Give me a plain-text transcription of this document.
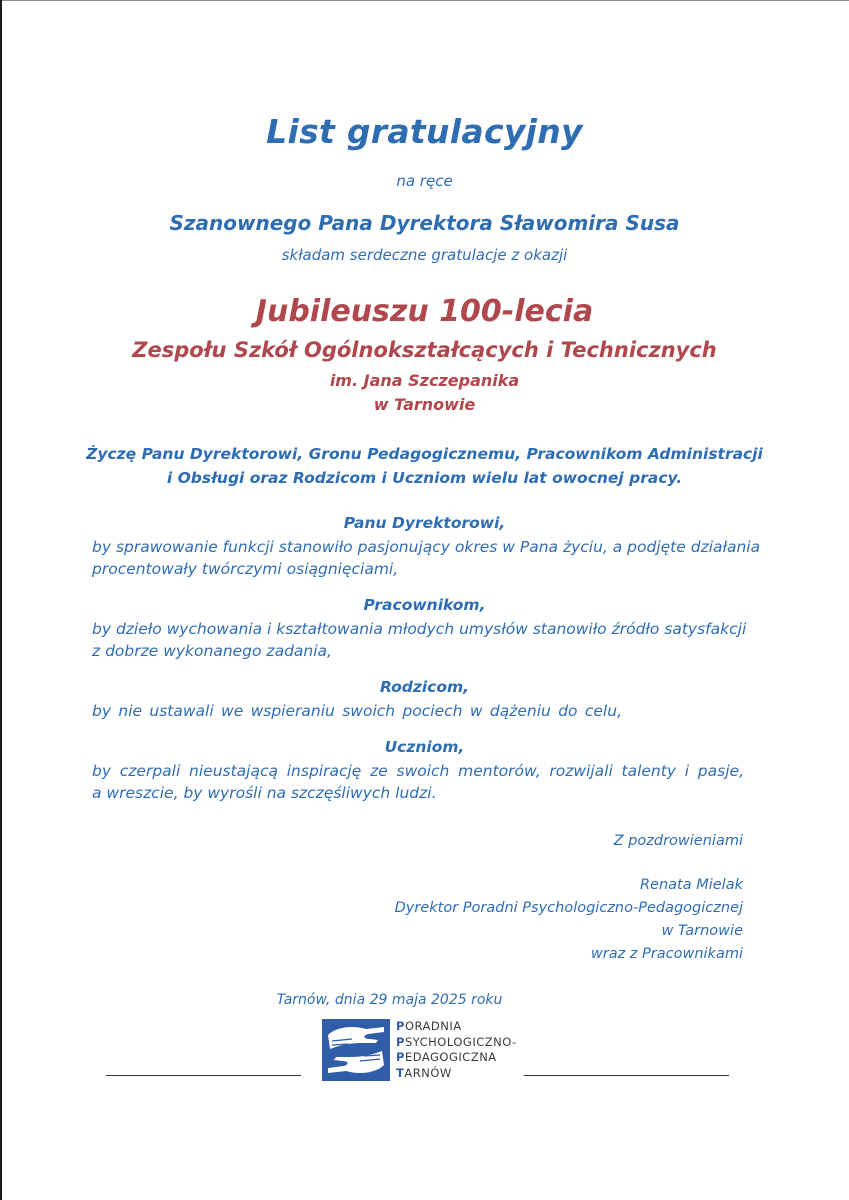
List gratulacyjny
na ręce
Szanownego Pana Dyrektora Sławomira Susa
składam serdeczne gratulacje z okazji
Jubileuszu 100-lecia
Zespołu Szkół Ogólnokształcących i Technicznych
im. Jana Szczepanika
w Tarnowie
Życzę Panu Dyrektorowi, Gronu Pedagogicznemu, Pracownikom Administracji
i Obsługi oraz Rodzicom i Uczniom wielu lat owocnej pracy.
Panu Dyrektorowi,
by sprawowanie funkcji stanowiło pasjonujący okres w Pana życiu, a podjęte działania
procentowały twórczymi osiągnięciami,
Pracownikom,
by dzieło wychowania i kształtowania młodych umysłów stanowiło źródło satysfakcji
z dobrze wykonanego zadania,
Rodzicom,
by nie ustawali we wspieraniu swoich pociech w dążeniu do celu,
Uczniom,
by czerpali nieustającą inspirację ze swoich mentorów, rozwijali talenty i pasje,
a wreszcie, by wyrośli na szczęśliwych ludzi.
Z pozdrowieniami
Renata Mielak
Dyrektor Poradni Psychologiczno-Pedagogicznej
w Tarnowie
wraz z Pracownikami
Tarnów, dnia 29 maja 2025 roku
PORADNIA
PSYCHOLOGICZNO-
PEDAGOGICZNA
TARNÓW
